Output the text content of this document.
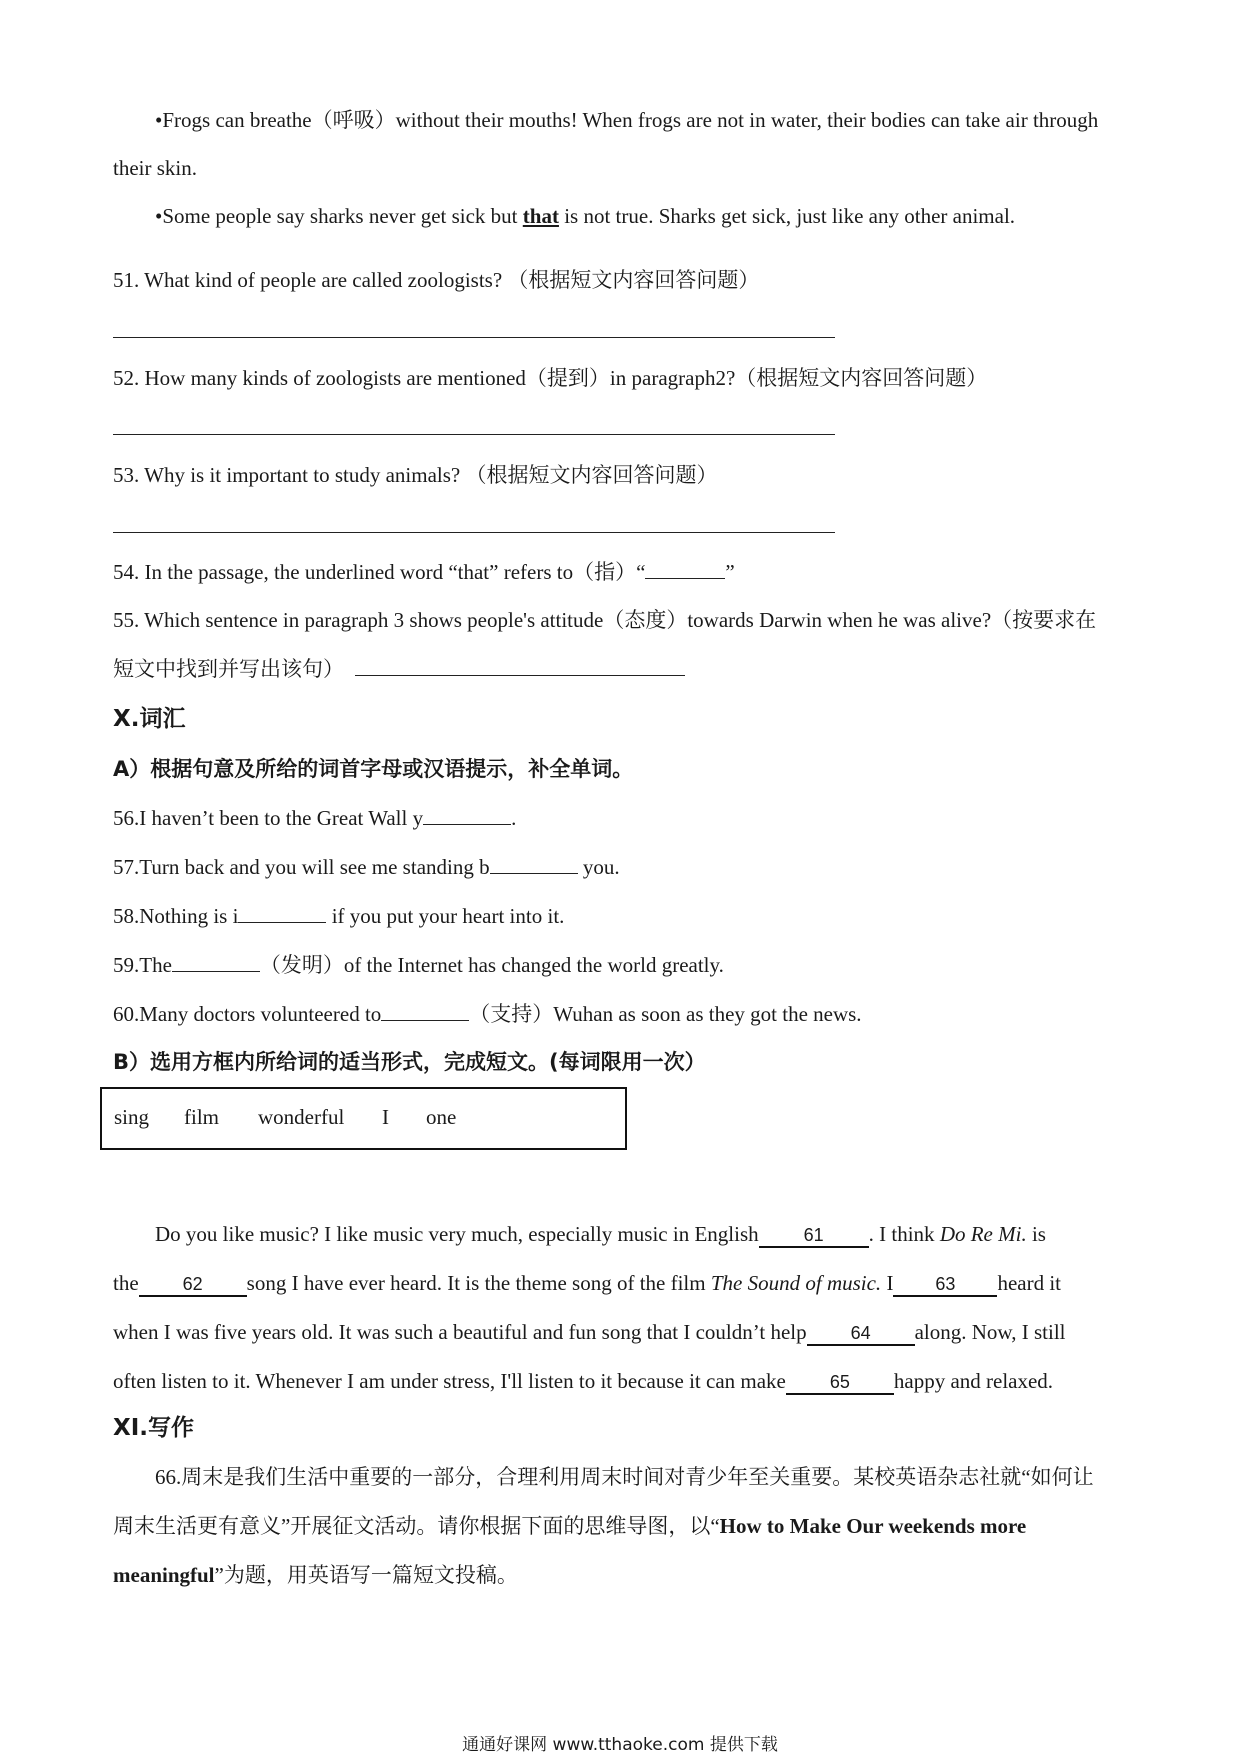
•Frogs can breathe（呼吸）without their mouths! When frogs are not in water, their bodies can take air through
their skin.
•Some people say sharks never get sick but that is not true. Sharks get sick, just like any other animal.
51. What kind of people are called zoologists? （根据短文内容回答问题）
52. How many kinds of zoologists are mentioned（提到）in paragraph2?（根据短文内容回答问题）
53. Why is it important to study animals? （根据短文内容回答问题）
54. In the passage, the underlined word “that” refers to（指）“	”
55. Which sentence in paragraph 3 shows people's attitude（态度）towards Darwin when he was alive?（按要求在
短文中找到并写出该句）
X.词汇
A）根据句意及所给的词首字母或汉语提示，补全单词。
56.I haven’t been to the Great Wall y	.
57.Turn back and you will see me standing b	you.
58.Nothing is i	if you put your heart into it.
59.The	（发明）of the Internet has changed the world greatly.
60.Many doctors volunteered to	（支持）Wuhan as soon as they got the news.
B）选用方框内所给词的适当形式，完成短文。(每词限用一次）
sing film wonderful I one
Do you like music? I like music very much, especially music in English 61 . I think Do Re Mi. is
the 62 song I have ever heard. It is the theme song of the film The Sound of music. I 63 heard it
when I was five years old. It was such a beautiful and fun song that I couldn’t help 64 along. Now, I still
often listen to it. Whenever I am under stress, I'll listen to it because it can make 65 happy and relaxed.
XI.写作
66.周末是我们生活中重要的一部分，合理利用周末时间对青少年至关重要。某校英语杂志社就“如何让
周末生活更有意义”开展征文活动。请你根据下面的思维导图，以“How to Make Our weekends more
meaningful”为题，用英语写一篇短文投稿。
通通好课网 www.tthaoke.com 提供下载
